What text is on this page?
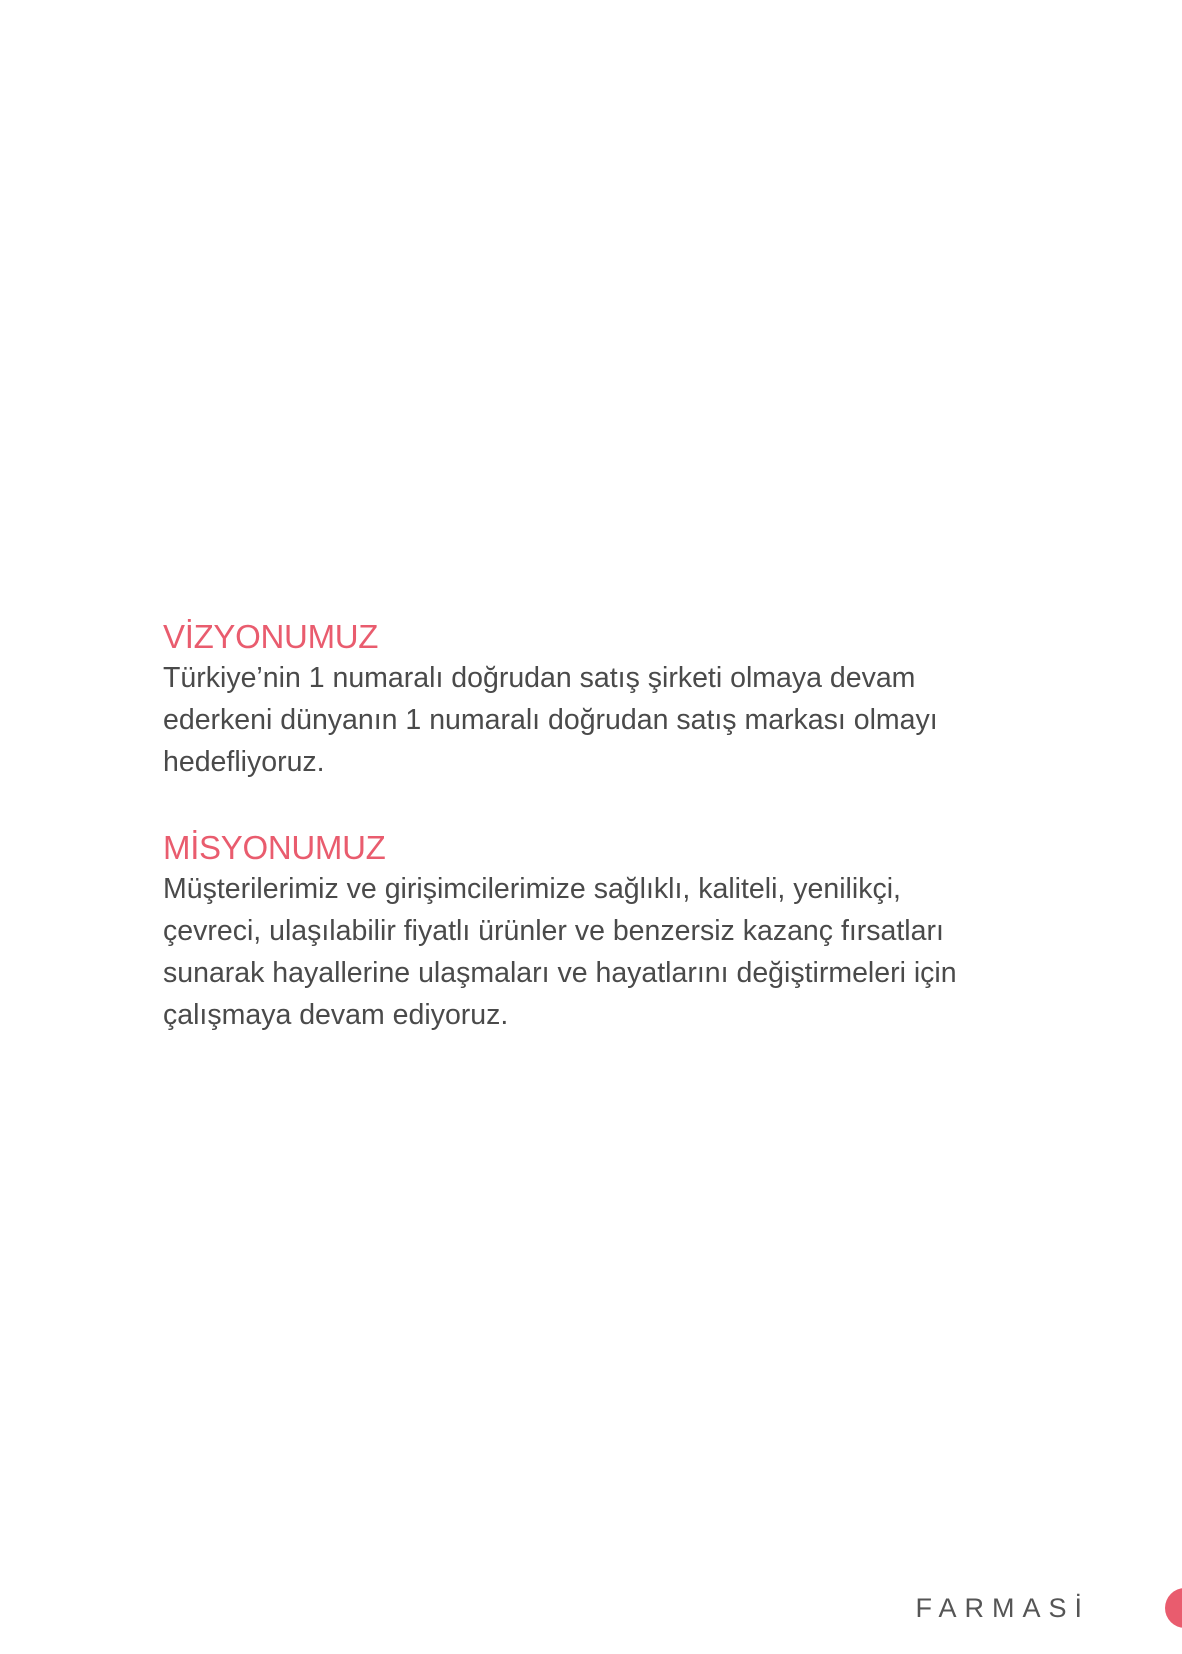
VİZYONUMUZ

Türkiye’nin 1 numaralı doğrudan satış şirketi olmaya devam
ederkeni dünyanın 1 numaralı doğrudan satış markası olmayı
hedefliyoruz.

MİSYONUMUZ

Müşterilerimiz ve girişimcilerimize sağlıklı, kaliteli, yenilikçi,
çevreci, ulaşılabilir fiyatlı ürünler ve benzersiz kazanç fırsatları
sunarak hayallerine ulaşmaları ve hayatlarını değiştirmeleri için
çalışmaya devam ediyoruz.

FARMASİ
